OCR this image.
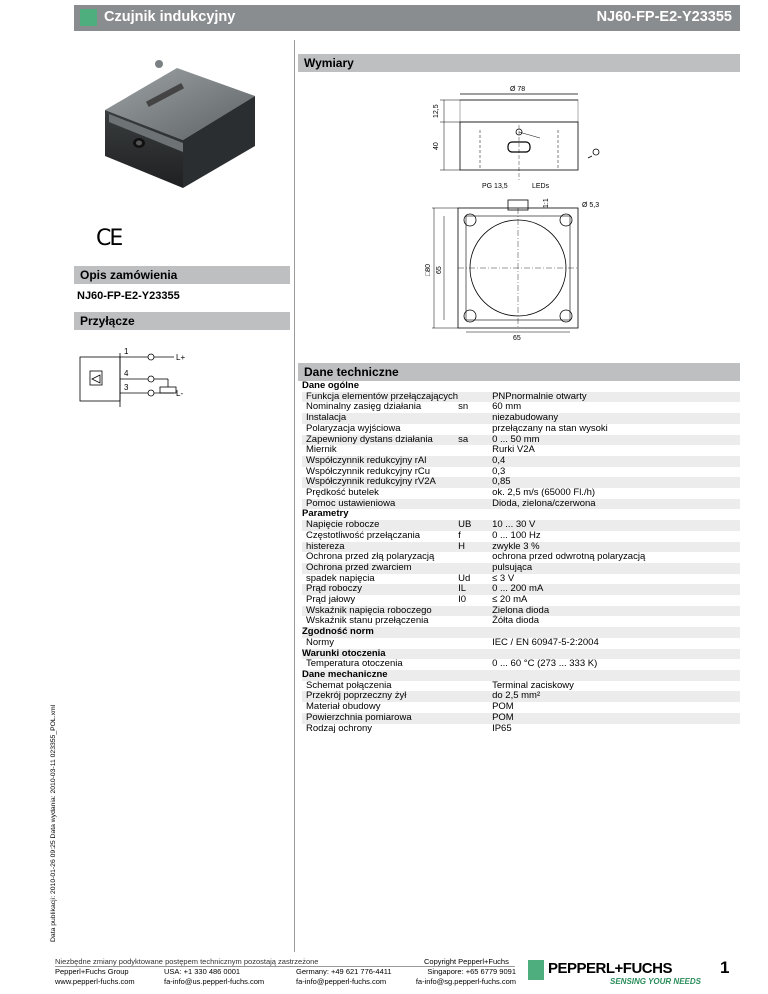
Czujnik indukcyjny	NJ60-FP-E2-Y23355
Data publikacji: 2010-01-26 09:25 Data wydania: 2010-03-11 023355_POL.xml
CE
Wymiary
Opis zamówienia
NJ60-FP-E2-Y23355
Przyłącze
Dane techniczne
Ø 78
12,5
40
PG 13,5	LEDs
Ø 5,3
1:1
□80 65
65
1
4
3
L+
L-
Dane ogólne		
Funkcja elementów przełączających		PNPnormalnie otwarty
Nominalny zasięg działania	sn	60 mm
Instalacja		niezabudowany
Polaryzacja wyjściowa		przełączany na stan wysoki
Zapewniony dystans działania	sa	0 ... 50 mm
Miernik		Rurki V2A
Współczynnik redukcyjny rAl		0,4
Współczynnik redukcyjny rCu		0,3
Współczynnik redukcyjny rV2A		0,85
Prędkość butelek		ok. 2,5 m/s (65000 Fl./h)
Pomoc ustawieniowa		Dioda, zielona/czerwona
Parametry		
Napięcie robocze	UB	10 ... 30 V
Częstotliwość przełączania	f	0 ... 100 Hz
histereza	H	zwykle 3 %
Ochrona przed złą polaryzacją		ochrona przed odwrotną polaryzacją
Ochrona przed zwarciem		pulsująca
spadek napięcia	Ud	≤ 3 V
Prąd roboczy	IL	0 ... 200 mA
Prąd jałowy	I0	≤ 20 mA
Wskaźnik napięcia roboczego		Zielona dioda
Wskaźnik stanu przełączenia		Żółta dioda
Zgodność norm		
Normy		IEC / EN 60947-5-2:2004
Warunki otoczenia		
Temperatura otoczenia		0 ... 60 °C (273 ... 333 K)
Dane mechaniczne		
Schemat połączenia		Terminal zaciskowy
Przekrój poprzeczny żył		do 2,5 mm²
Materiał obudowy		POM
Powierzchnia pomiarowa		POM
Rodzaj ochrony		IP65
Niezbędne zmiany podyktowane postępem technicznym pozostają zastrzeżone	Copyright Pepperl+Fuchs
Pepperl+Fuchs Group
www.pepperl-fuchs.com
USA: +1 330 486 0001
fa-info@us.pepperl-fuchs.com
Germany: +49 621 776-4411
fa-info@pepperl-fuchs.com
Singapore: +65 6779 9091
fa-info@sg.pepperl-fuchs.com
PEPPERL+FUCHS
SENSING YOUR NEEDS
1
